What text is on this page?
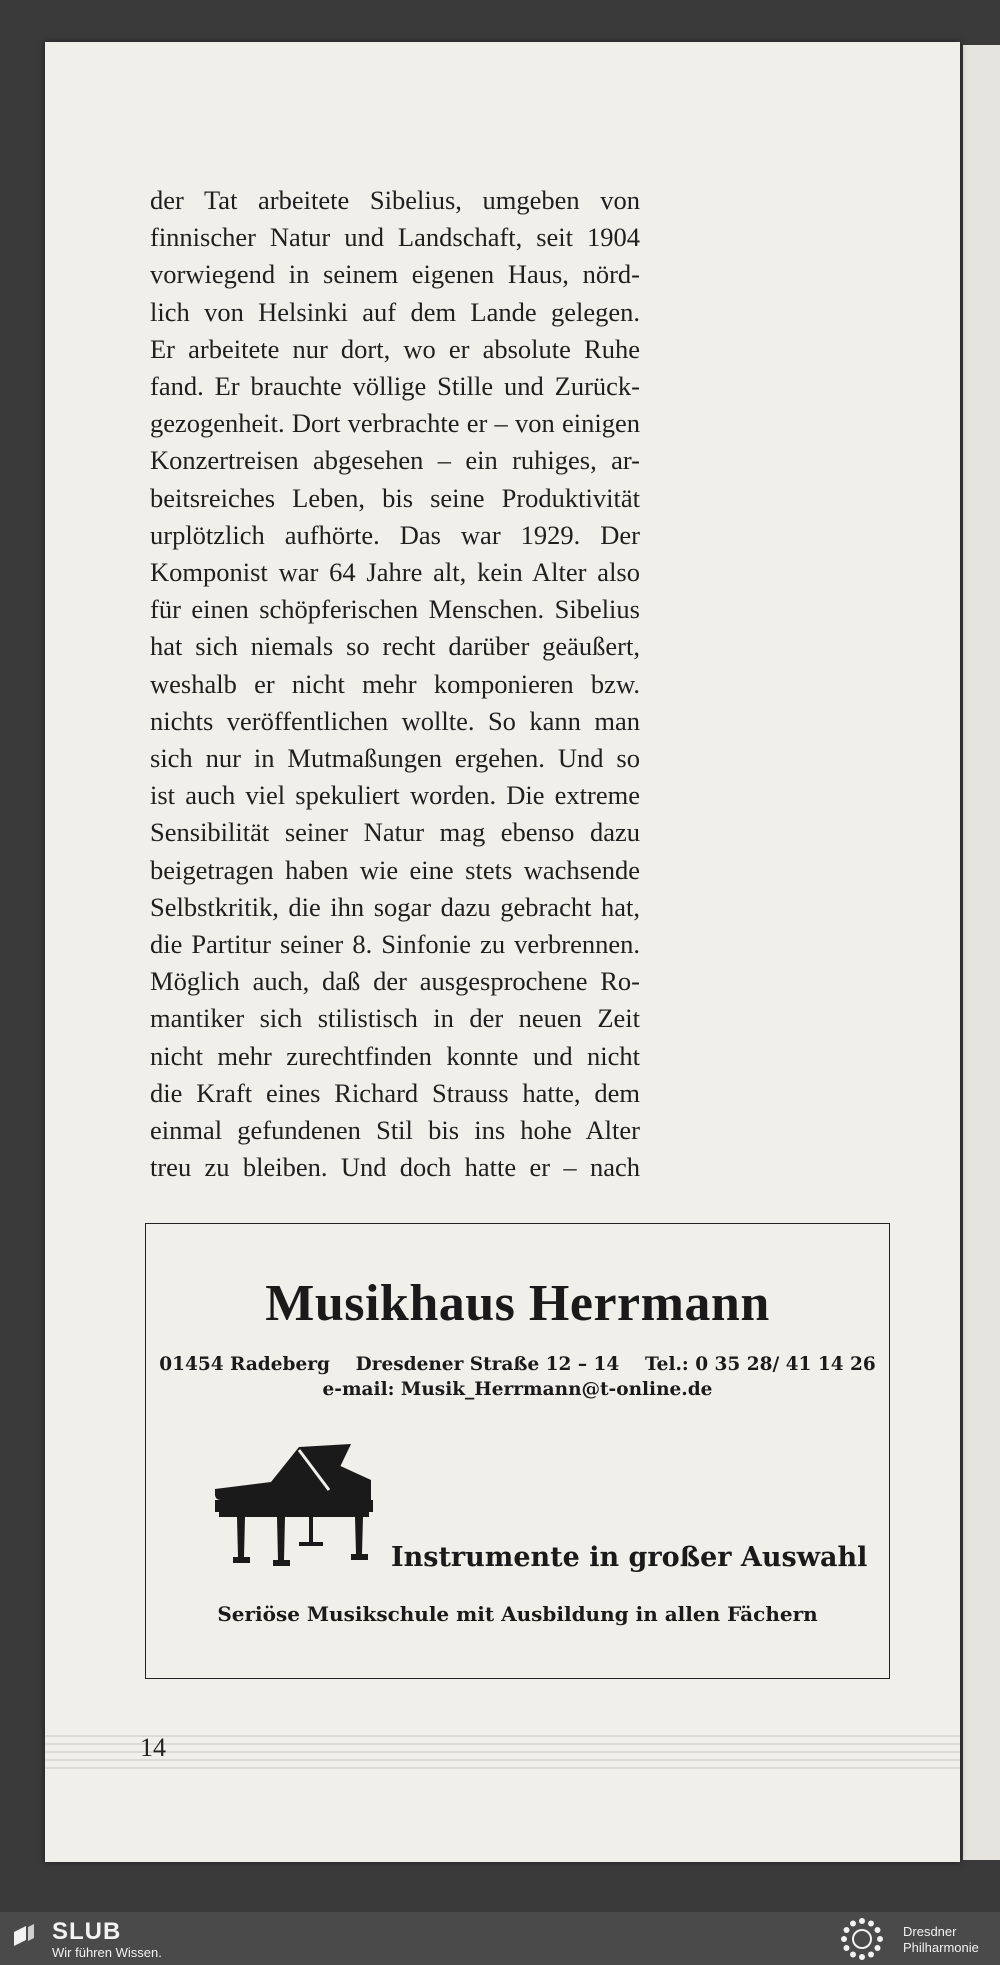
der Tat arbeitete Sibelius, umgeben von

finnischer Natur und Landschaft, seit 1904

vorwiegend in seinem eigenen Haus, nörd-

lich von Helsinki auf dem Lande gelegen.

Er arbeitete nur dort, wo er absolute Ruhe

fand. Er brauchte völlige Stille und Zurück-

gezogenheit. Dort verbrachte er – von einigen

Konzertreisen abgesehen – ein ruhiges, ar-

beitsreiches Leben, bis seine Produktivität

urplötzlich aufhörte. Das war 1929. Der

Komponist war 64 Jahre alt, kein Alter also

für einen schöpferischen Menschen. Sibelius

hat sich niemals so recht darüber geäußert,

weshalb er nicht mehr komponieren bzw.

nichts veröffentlichen wollte. So kann man

sich nur in Mutmaßungen ergehen. Und so

ist auch viel spekuliert worden. Die extreme

Sensibilität seiner Natur mag ebenso dazu

beigetragen haben wie eine stets wachsende

Selbstkritik, die ihn sogar dazu gebracht hat,

die Partitur seiner 8. Sinfonie zu verbrennen.

Möglich auch, daß der ausgesprochene Ro-

mantiker sich stilistisch in der neuen Zeit

nicht mehr zurechtfinden konnte und nicht

die Kraft eines Richard Strauss hatte, dem

einmal gefundenen Stil bis ins hohe Alter

treu zu bleiben. Und doch hatte er – nach

Musikhaus Herrmann
01454 Radeberg    Dresdener Straße 12 – 14    Tel.: 0 35 28/ 41 14 26
e-mail: Musik_Herrmann@t-online.de
Instrumente in großer Auswahl
Seriöse Musikschule mit Ausbildung in allen Fächern
14
SLUB
Wir führen Wissen.
Dresdner
Philharmonie
